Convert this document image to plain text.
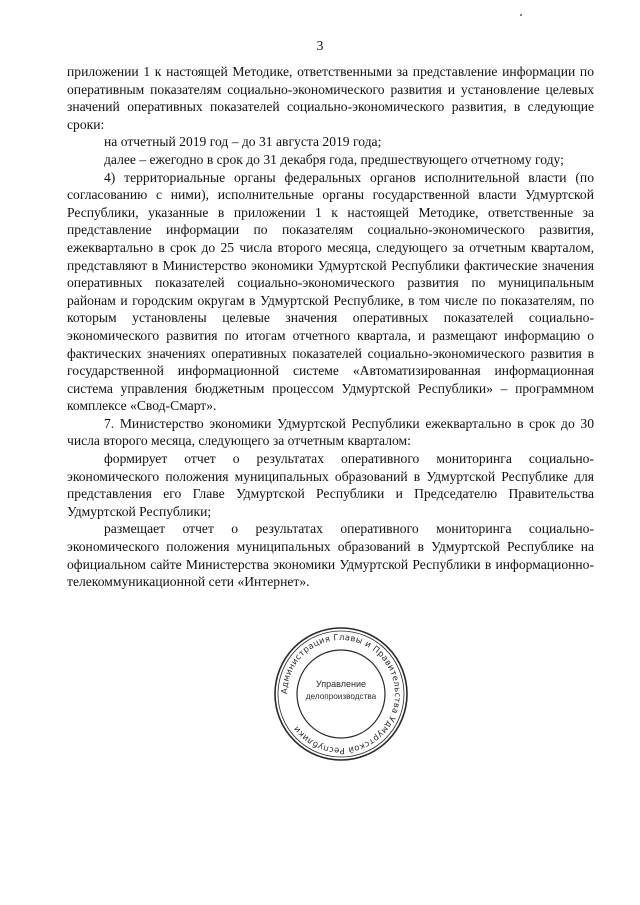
3

приложении 1 к настоящей Методике, ответственными за представление информации по оперативным показателям социально-экономического развития и установление целевых значений оперативных показателей социально-экономического развития, в следующие сроки:

на отчетный 2019 год – до 31 августа 2019 года;

далее – ежегодно в срок до 31 декабря года, предшествующего отчетному году;

4) территориальные органы федеральных органов исполнительной власти (по согласованию с ними), исполнительные органы государственной власти Удмуртской Республики, указанные в приложении 1 к настоящей Методике, ответственные за представление информации по показателям социально-экономического развития, ежеквартально в срок до 25 числа второго месяца, следующего за отчетным кварталом, представляют в Министерство экономики Удмуртской Республики фактические значения оперативных показателей социально-экономического развития по муниципальным районам и городским округам в Удмуртской Республике, в том числе по показателям, по которым установлены целевые значения оперативных показателей социально-экономического развития по итогам отчетного квартала, и размещают информацию о фактических значениях оперативных показателей социально-экономического развития в государственной информационной системе «Автоматизированная информационная система управления бюджетным процессом Удмуртской Республики» – программном комплексе «Свод-Смарт».

7. Министерство экономики Удмуртской Республики ежеквартально в срок до 30 числа второго месяца, следующего за отчетным кварталом:

формирует отчет о результатах оперативного мониторинга социально-экономического положения муниципальных образований в Удмуртской Республике для представления его Главе Удмуртской Республики и Председателю Правительства Удмуртской Республики;

размещает отчет о результатах оперативного мониторинга социально-экономического положения муниципальных образований в Удмуртской Республике на официальном сайте Министерства экономики Удмуртской Республики в информационно-телекоммуникационной сети «Интернет».

Администрация Главы и Правительства Удмуртской Республики
Управление
делопроизводства
